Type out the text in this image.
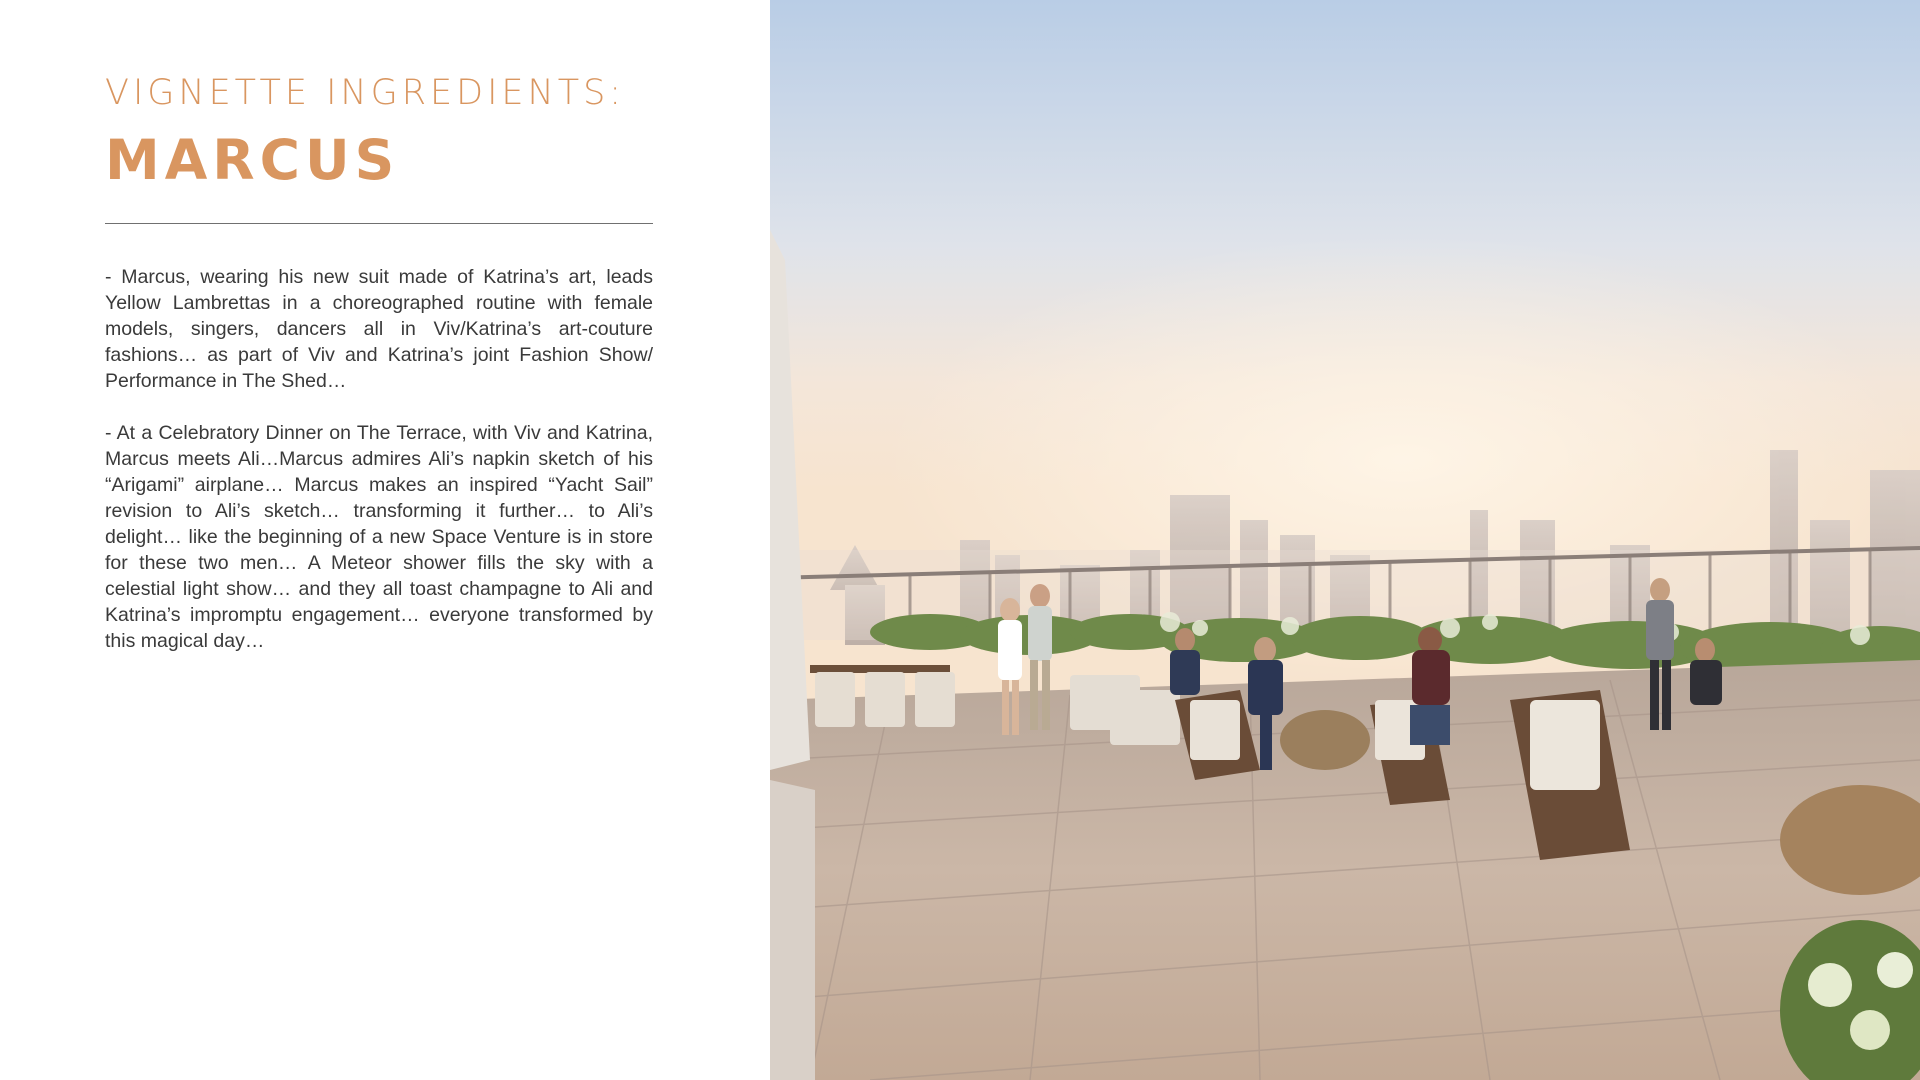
VIGNETTE INGREDIENTS:
MARCUS

- Marcus, wearing his new suit made of Katrina’s art, leads Yellow Lambrettas in a choreographed routine with female models, singers, dancers all in Viv/Katrina’s art-couture fashions… as part of Viv and Katrina’s joint Fashion Show/ Performance in The Shed…

- At a Celebratory Dinner on The Terrace, with Viv and Katrina, Marcus meets Ali…Marcus admires Ali’s napkin sketch of his “Arigami” airplane… Marcus makes an inspired “Yacht Sail” revision to Ali’s sketch… transforming it further… to Ali’s delight… like the beginning of a new Space Venture is in store for these two men… A Meteor shower fills the sky with a celestial light show… and they all toast champagne to Ali and Katrina’s impromptu engagement… everyone transformed by this magical day…
